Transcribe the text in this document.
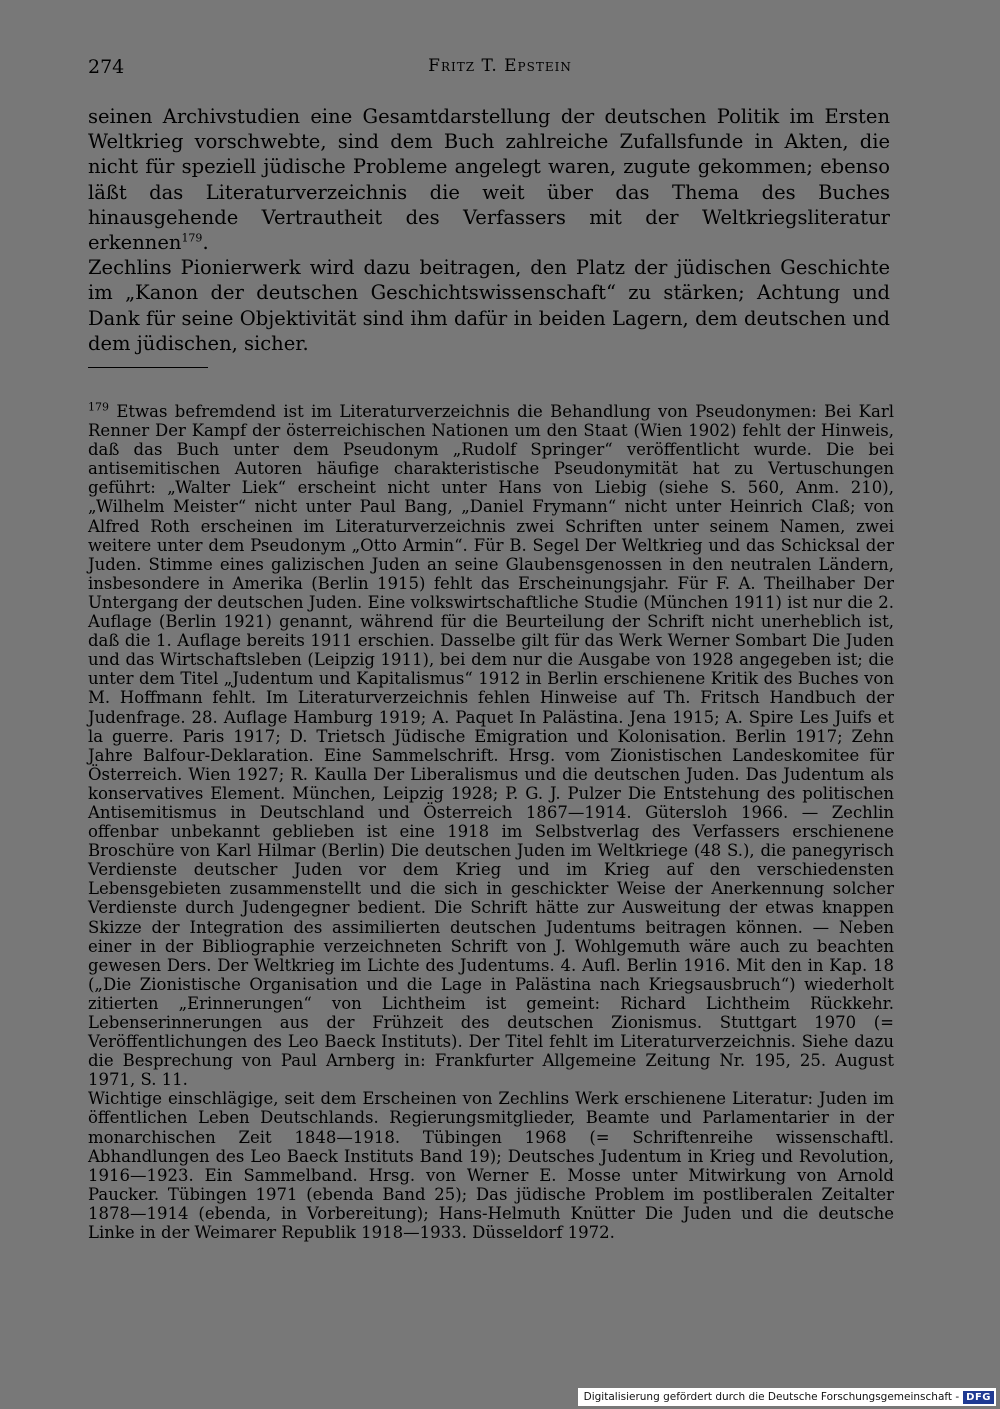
274	Fritz T. Epstein

seinen Archivstudien eine Gesamtdarstellung der deutschen Politik im Ersten Weltkrieg vorschwebte, sind dem Buch zahlreiche Zufallsfunde in Akten, die nicht für speziell jüdische Probleme angelegt waren, zugute gekommen; ebenso läßt das Literaturverzeichnis die weit über das Thema des Buches hinausgehende Vertrautheit des Verfassers mit der Weltkriegsliteratur erkennen$^{179}$.

Zechlins Pionierwerk wird dazu beitragen, den Platz der jüdischen Geschichte im „Kanon der deutschen Geschichtswissenschaft“ zu stärken; Achtung und Dank für seine Objektivität sind ihm dafür in beiden Lagern, dem deutschen und dem jüdischen, sicher.

$^{179}$ Etwas befremdend ist im Literaturverzeichnis die Behandlung von Pseudonymen: Bei Karl Renner Der Kampf der österreichischen Nationen um den Staat (Wien 1902) fehlt der Hinweis, daß das Buch unter dem Pseudonym „Rudolf Springer“ veröffentlicht wurde. Die bei antisemitischen Autoren häufige charakteristische Pseudonymität hat zu Vertuschungen geführt: „Walter Liek“ erscheint nicht unter Hans von Liebig (siehe S. 560, Anm. 210), „Wilhelm Meister“ nicht unter Paul Bang, „Daniel Frymann“ nicht unter Heinrich Claß; von Alfred Roth erscheinen im Literaturverzeichnis zwei Schriften unter seinem Namen, zwei weitere unter dem Pseudonym „Otto Armin“. Für B. Segel Der Weltkrieg und das Schicksal der Juden. Stimme eines galizischen Juden an seine Glaubensgenossen in den neutralen Ländern, insbesondere in Amerika (Berlin 1915) fehlt das Erscheinungsjahr. Für F. A. Theilhaber Der Untergang der deutschen Juden. Eine volkswirtschaftliche Studie (München 1911) ist nur die 2. Auflage (Berlin 1921) genannt, während für die Beurteilung der Schrift nicht unerheblich ist, daß die 1. Auflage bereits 1911 erschien. Dasselbe gilt für das Werk Werner Sombart Die Juden und das Wirtschaftsleben (Leipzig 1911), bei dem nur die Ausgabe von 1928 angegeben ist; die unter dem Titel „Judentum und Kapitalismus“ 1912 in Berlin erschienene Kritik des Buches von M. Hoffmann fehlt. Im Literaturverzeichnis fehlen Hinweise auf Th. Fritsch Handbuch der Judenfrage. 28. Auflage Hamburg 1919; A. Paquet In Palästina. Jena 1915; A. Spire Les Juifs et la guerre. Paris 1917; D. Trietsch Jüdische Emigration und Kolonisation. Berlin 1917; Zehn Jahre Balfour-Deklaration. Eine Sammelschrift. Hrsg. vom Zionistischen Landeskomitee für Österreich. Wien 1927; R. Kaulla Der Liberalismus und die deutschen Juden. Das Judentum als konservatives Element. München, Leipzig 1928; P. G. J. Pulzer Die Entstehung des politischen Antisemitismus in Deutschland und Österreich 1867—1914. Gütersloh 1966. — Zechlin offenbar unbekannt geblieben ist eine 1918 im Selbstverlag des Verfassers erschienene Broschüre von Karl Hilmar (Berlin) Die deutschen Juden im Weltkriege (48 S.), die panegyrisch Verdienste deutscher Juden vor dem Krieg und im Krieg auf den verschiedensten Lebensgebieten zusammenstellt und die sich in geschickter Weise der Anerkennung solcher Verdienste durch Judengegner bedient. Die Schrift hätte zur Ausweitung der etwas knappen Skizze der Integration des assimilierten deutschen Judentums beitragen können. — Neben einer in der Bibliographie verzeichneten Schrift von J. Wohlgemuth wäre auch zu beachten gewesen Ders. Der Weltkrieg im Lichte des Judentums. 4. Aufl. Berlin 1916. Mit den in Kap. 18 („Die Zionistische Organisation und die Lage in Palästina nach Kriegsausbruch“) wiederholt zitierten „Erinnerungen“ von Lichtheim ist gemeint: Richard Lichtheim Rückkehr. Lebenserinnerungen aus der Frühzeit des deutschen Zionismus. Stuttgart 1970 (= Veröffentlichungen des Leo Baeck Instituts). Der Titel fehlt im Literaturverzeichnis. Siehe dazu die Besprechung von Paul Arnberg in: Frankfurter Allgemeine Zeitung Nr. 195, 25. August 1971, S. 11.

Wichtige einschlägige, seit dem Erscheinen von Zechlins Werk erschienene Literatur: Juden im öffentlichen Leben Deutschlands. Regierungsmitglieder, Beamte und Parlamentarier in der monarchischen Zeit 1848—1918. Tübingen 1968 (= Schriftenreihe wissenschaftl. Abhandlungen des Leo Baeck Instituts Band 19); Deutsches Judentum in Krieg und Revolution, 1916—1923. Ein Sammelband. Hrsg. von Werner E. Mosse unter Mitwirkung von Arnold Paucker. Tübingen 1971 (ebenda Band 25); Das jüdische Problem im postliberalen Zeitalter 1878—1914 (ebenda, in Vorbereitung); Hans-Helmuth Knütter Die Juden und die deutsche Linke in der Weimarer Republik 1918—1933. Düsseldorf 1972.

Digitalisierung gefördert durch die Deutsche Forschungsgemeinschaft - DFG
